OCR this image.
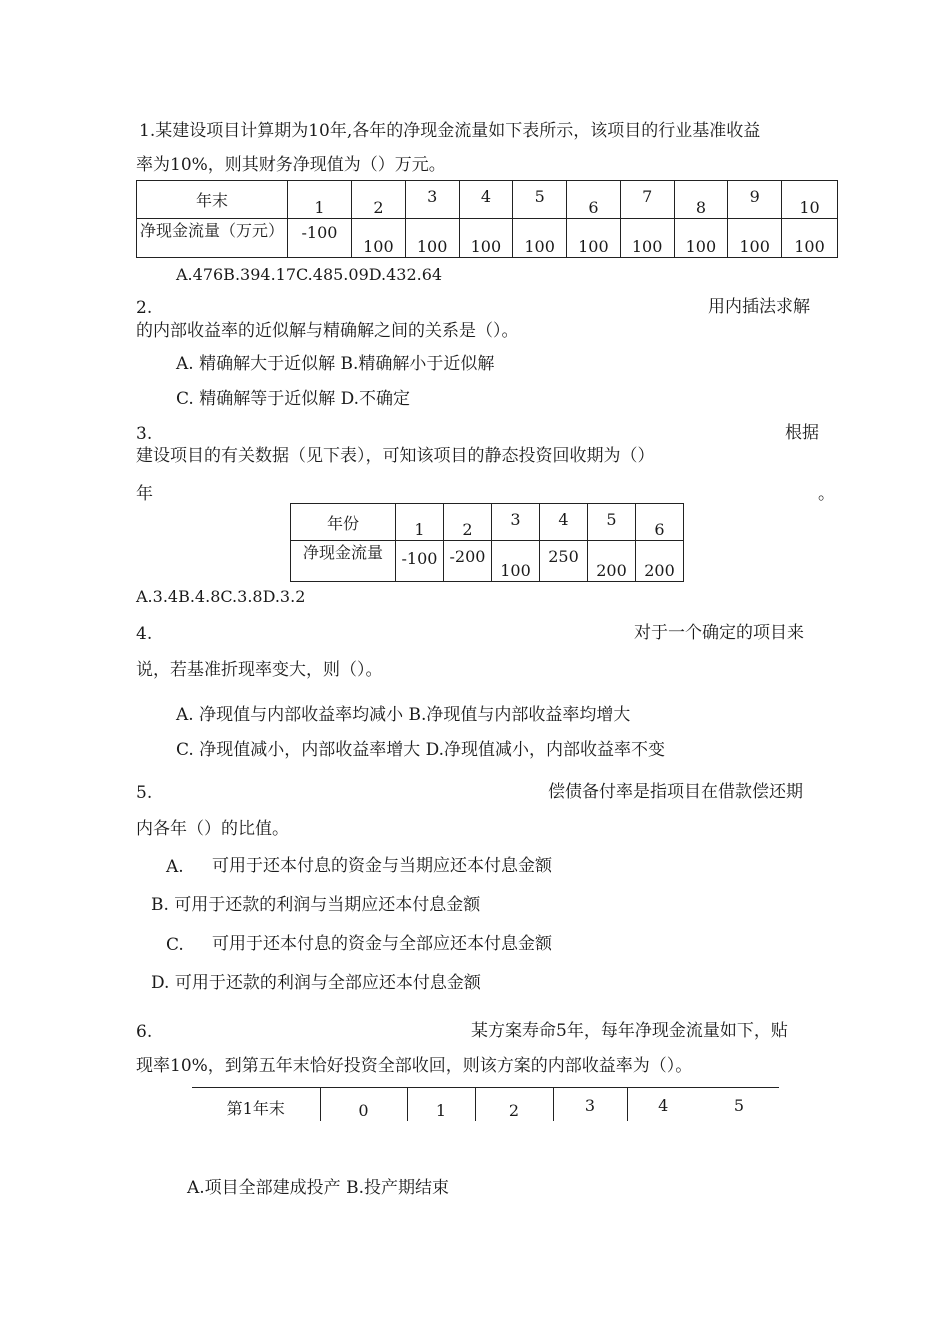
1.某建设项目计算期为10年,各年的净现金流量如下表所示，该项目的行业基准收益
率为10%，则其财务净现值为（）万元。
年末	1	2	3	4	5	6	7	8	9	10

净现金流量（万元）	-100	100	100	100	100	100	100	100	100	100
A.476B.394.17C.485.09D.432.64
2.	用内插法求解
的内部收益率的近似解与精确解之间的关系是（）。
A. 精确解大于近似解 B.精确解小于近似解
C. 精确解等于近似解 D.不确定
3.	根据
建设项目的有关数据（见下表），可知该项目的静态投资回收期为（）
年	。
年份	1	2	3	4	5	6

净现金流量	-100	-200	100	250	200	200
A.3.4B.4.8C.3.8D.3.2
4.	对于一个确定的项目来
说，若基准折现率变大，则（）。
A. 净现值与内部收益率均减小 B.净现值与内部收益率均增大
C. 净现值减小，内部收益率增大 D.净现值减小，内部收益率不变
5.	偿债备付率是指项目在借款偿还期
内各年（）的比值。
A. 可用于还本付息的资金与当期应还本付息金额
B. 可用于还款的利润与当期应还本付息金额
C. 可用于还本付息的资金与全部应还本付息金额
D. 可用于还款的利润与全部应还本付息金额
6.	某方案寿命5年，每年净现金流量如下，贴
现率10%，到第五年末恰好投资全部收回，则该方案的内部收益率为（）。
第1年末	0	1	2	3	4	5
A.项目全部建成投产 B.投产期结束
